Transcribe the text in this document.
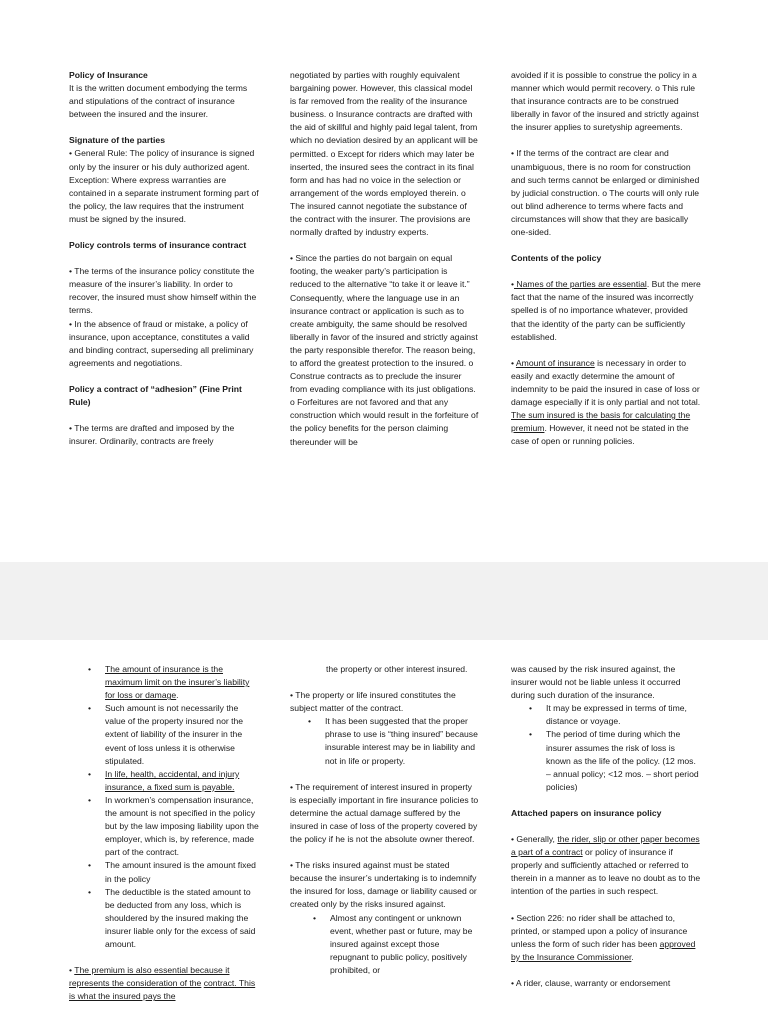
Policy of Insurance

It is the written document embodying the terms and stipulations of the contract of insurance between the insured and the insurer.

Signature of the parties

• General Rule: The policy of insurance is signed only by the insurer or his duly authorized agent.

Exception: Where express warranties are contained in a separate instrument forming part of the policy, the law requires that the instrument must be signed by the insured.

Policy controls terms of insurance contract

• The terms of the insurance policy constitute the measure of the insurer’s liability. In order to recover, the insured must show himself within the terms.

• In the absence of fraud or mistake, a policy of insurance, upon acceptance, constitutes a valid and binding contract, superseding all preliminary agreements and negotiations.

Policy a contract of “adhesion” (Fine Print Rule)

• The terms are drafted and imposed by the insurer. Ordinarily, contracts are freely

negotiated by parties with roughly equivalent bargaining power. However, this classical model is far removed from the reality of the insurance business. o Insurance contracts are drafted with the aid of skillful and highly paid legal talent, from which no deviation desired by an applicant will be permitted. o Except for riders which may later be inserted, the insured sees the contract in its final form and has had no voice in the selection or arrangement of the words employed therein. o The insured cannot negotiate the substance of the contract with the insurer. The provisions are normally drafted by industry experts.

• Since the parties do not bargain on equal footing, the weaker party’s participation is reduced to the alternative “to take it or leave it.” Consequently, where the language use in an insurance contract or application is such as to create ambiguity, the same should be resolved liberally in favor of the insured and strictly against the party responsible therefor. The reason being, to afford the greatest protection to the insured. o Construe contracts as to preclude the insurer from evading compliance with its just obligations. o Forfeitures are not favored and that any construction which would result in the forfeiture of the policy benefits for the person claiming thereunder will be

avoided if it is possible to construe the policy in a manner which would permit recovery. o This rule that insurance contracts are to be construed liberally in favor of the insured and strictly against the insurer applies to suretyship agreements.

• If the terms of the contract are clear and unambiguous, there is no room for construction and such terms cannot be enlarged or diminished by judicial construction. o The courts will only rule out blind adherence to terms where facts and circumstances will show that they are basically one-sided.

Contents of the policy

• Names of the parties are essential. But the mere fact that the name of the insured was incorrectly spelled is of no importance whatever, provided that the identity of the party can be sufficiently established.

• Amount of insurance is necessary in order to easily and exactly determine the amount of indemnity to be paid the insured in case of loss or damage especially if it is only partial and not total. The sum insured is the basis for calculating the premium. However, it need not be stated in the case of open or running policies.

• The amount of insurance is the maximum limit on the insurer’s liability for loss or damage.
• Such amount is not necessarily the value of the property insured nor the extent of liability of the insurer in the event of loss unless it is otherwise stipulated.
• In life, health, accidental, and injury insurance, a fixed sum is payable.
• In workmen’s compensation insurance, the amount is not specified in the policy but by the law imposing liability upon the employer, which is, by reference, made part of the contract.
• The amount insured is the amount fixed in the policy
• The deductible is the stated amount to be deducted from any loss, which is shouldered by the insured making the insurer liable only for the excess of said amount.

• The premium is also essential because it represents the consideration of the contract. This is what the insured pays the

the property or other interest insured.

• The property or life insured constitutes the subject matter of the contract.

• It has been suggested that the proper phrase to use is “thing insured” because insurable interest may be in liability and not in life or property.

• The requirement of interest insured in property is especially important in fire insurance policies to determine the actual damage suffered by the insured in case of loss of the property covered by the policy if he is not the absolute owner thereof.

• The risks insured against must be stated because the insurer’s undertaking is to indemnify the insured for loss, damage or liability caused or created only by the risks insured against.

• Almost any contingent or unknown event, whether past or future, may be insured against except those repugnant to public policy, positively prohibited, or

was caused by the risk insured against, the insurer would not be liable unless it occurred during such duration of the insurance.

• It may be expressed in terms of time, distance or voyage.
• The period of time during which the insurer assumes the risk of loss is known as the life of the policy. (12 mos. – annual policy; <12 mos. – short period policies)

Attached papers on insurance policy

• Generally, the rider, slip or other paper becomes a part of a contract or policy of insurance if properly and sufficiently attached or referred to therein in a manner as to leave no doubt as to the intention of the parties in such respect.

• Section 226: no rider shall be attached to, printed, or stamped upon a policy of insurance unless the form of such rider has been approved by the Insurance Commissioner.

• A rider, clause, warranty or endorsement
